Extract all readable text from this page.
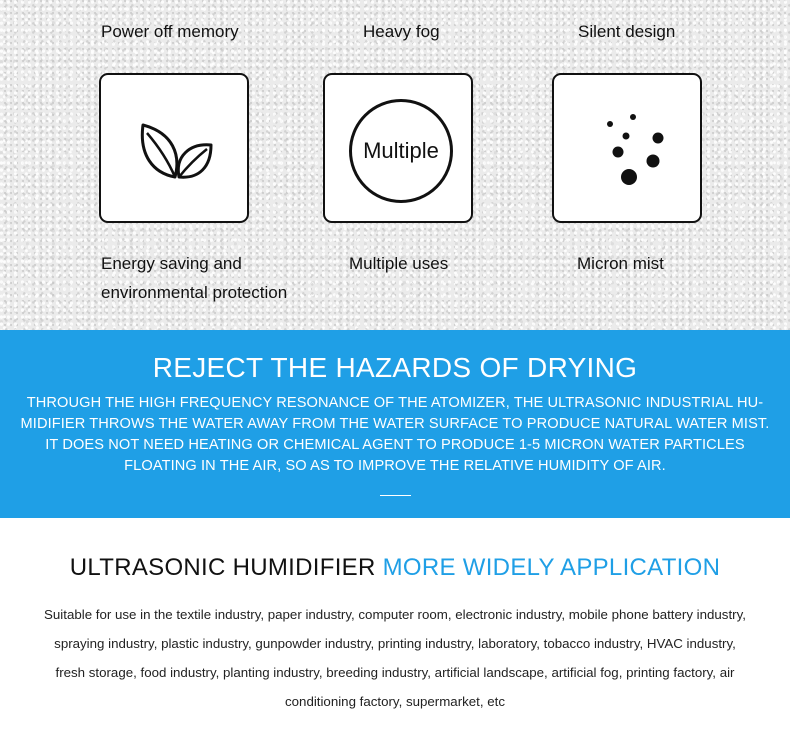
Power off memory	Heavy fog	Silent design
Multiple
Energy saving and
environmental protection
Multiple uses	Micron mist
REJECT THE HAZARDS OF DRYING
THROUGH THE HIGH FREQUENCY RESONANCE OF THE ATOMIZER, THE ULTRASONIC INDUSTRIAL HU-
MIDIFIER THROWS THE WATER AWAY FROM THE WATER SURFACE TO PRODUCE NATURAL WATER MIST.
IT DOES NOT NEED HEATING OR CHEMICAL AGENT TO PRODUCE 1-5 MICRON WATER PARTICLES
FLOATING IN THE AIR, SO AS TO IMPROVE THE RELATIVE HUMIDITY OF AIR.
ULTRASONIC HUMIDIFIER MORE WIDELY APPLICATION
Suitable for use in the textile industry, paper industry, computer room, electronic industry, mobile phone battery industry,
spraying industry, plastic industry, gunpowder industry, printing industry, laboratory, tobacco industry, HVAC industry,
fresh storage, food industry, planting industry, breeding industry, artificial landscape, artificial fog, printing factory, air
conditioning factory, supermarket, etc
